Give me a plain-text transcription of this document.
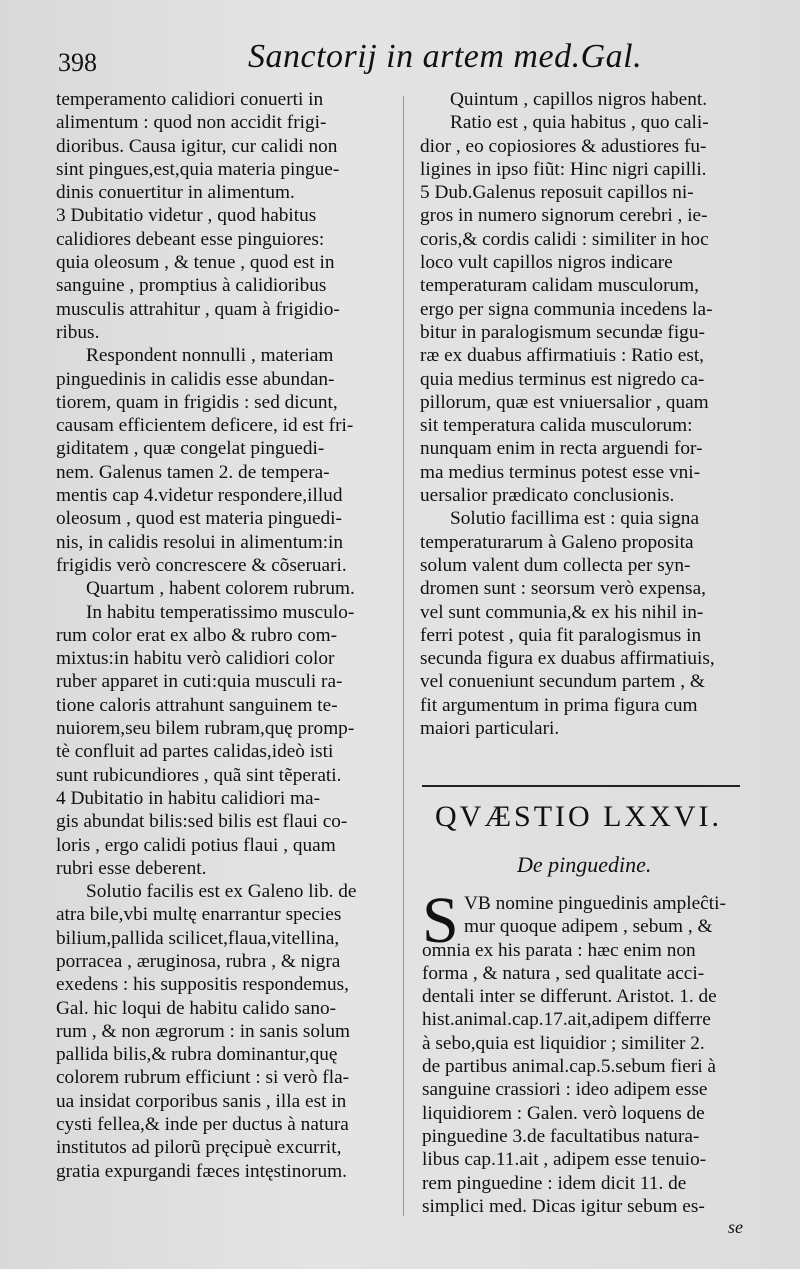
398	Sanctorij in artem med.Gal.
temperamento calidiori conuerti in
alimentum : quod non accidit frigi-
dioribus. Causa igitur, cur calidi non
sint pingues,est,quia materia pingue-
dinis conuertitur in alimentum.
3 Dubitatio videtur , quod habitus
calidiores debeant esse pinguiores:
quia oleosum , & tenue , quod est in
sanguine , promptius à calidioribus
musculis attrahitur , quam à frigidio-
ribus.
Respondent nonnulli , materiam
pinguedinis in calidis esse abundan-
tiorem, quam in frigidis : sed dicunt,
causam efficientem deficere, id est fri-
giditatem , quæ congelat pinguedi-
nem. Galenus tamen 2. de tempera-
mentis cap 4.videtur respondere,illud
oleosum , quod est materia pinguedi-
nis, in calidis resolui in alimentum:in
frigidis verò concrescere & cõseruari.
Quartum , habent colorem rubrum.
In habitu temperatissimo musculo-
rum color erat ex albo & rubro com-
mixtus:in habitu verò calidiori color
ruber apparet in cuti:quia musculi ra-
tione caloris attrahunt sanguinem te-
nuiorem,seu bilem rubram,quę promp-
tè confluit ad partes calidas,ideò isti
sunt rubicundiores , quã sint tẽperati.
4 Dubitatio in habitu calidiori ma-
gis abundat bilis:sed bilis est flaui co-
loris , ergo calidi potius flaui , quam
rubri esse deberent.
Solutio facilis est ex Galeno lib. de
atra bile,vbi multę enarrantur species
bilium,pallida scilicet,flaua,vitellina,
porracea , æruginosa, rubra , & nigra
exedens : his suppositis respondemus,
Gal. hic loqui de habitu calido sano-
rum , & non ægrorum : in sanis solum
pallida bilis,& rubra dominantur,quę
colorem rubrum efficiunt : si verò fla-
ua insidat corporibus sanis , illa est in
cysti fellea,& inde per ductus à natura
institutos ad pilorũ pręcipuè excurrit,
gratia expurgandi fæces intęstinorum.
Quintum , capillos nigros habent.
Ratio est , quia habitus , quo cali-
dior , eo copiosiores & adustiores fu-
ligines in ipso fiũt: Hinc nigri capilli.
5 Dub.Galenus reposuit capillos ni-
gros in numero signorum cerebri , ie-
coris,& cordis calidi : similiter in hoc
loco vult capillos nigros indicare
temperaturam calidam musculorum,
ergo per signa communia incedens la-
bitur in paralogismum secundæ figu-
ræ ex duabus affirmatiuis : Ratio est,
quia medius terminus est nigredo ca-
pillorum, quæ est vniuersalior , quam
sit temperatura calida musculorum:
nunquam enim in recta arguendi for-
ma medius terminus potest esse vni-
uersalior prædicato conclusionis.
Solutio facillima est : quia signa
temperaturarum à Galeno proposita
solum valent dum collecta per syn-
dromen sunt : seorsum verò expensa,
vel sunt communia,& ex his nihil in-
ferri potest , quia fit paralogismus in
secunda figura ex duabus affirmatiuis,
vel conueniunt secundum partem , &
fit argumentum in prima figura cum
maiori particulari.
QVÆSTIO LXXVI.
De pinguedine.
S VB nomine pinguedinis ampleĉti-
mur quoque adipem , sebum , &
omnia ex his parata : hæc enim non
forma , & natura , sed qualitate acci-
dentali inter se differunt. Aristot. 1. de
hist.animal.cap.17.ait,adipem differre
à sebo,quia est liquidior ; similiter 2.
de partibus animal.cap.5.sebum fieri à
sanguine crassiori : ideo adipem esse
liquidiorem : Galen. verò loquens de
pinguedine 3.de facultatibus natura-
libus cap.11.ait , adipem esse tenuio-
rem pinguedine : idem dicit 11. de
simplici med. Dicas igitur sebum es-
se
